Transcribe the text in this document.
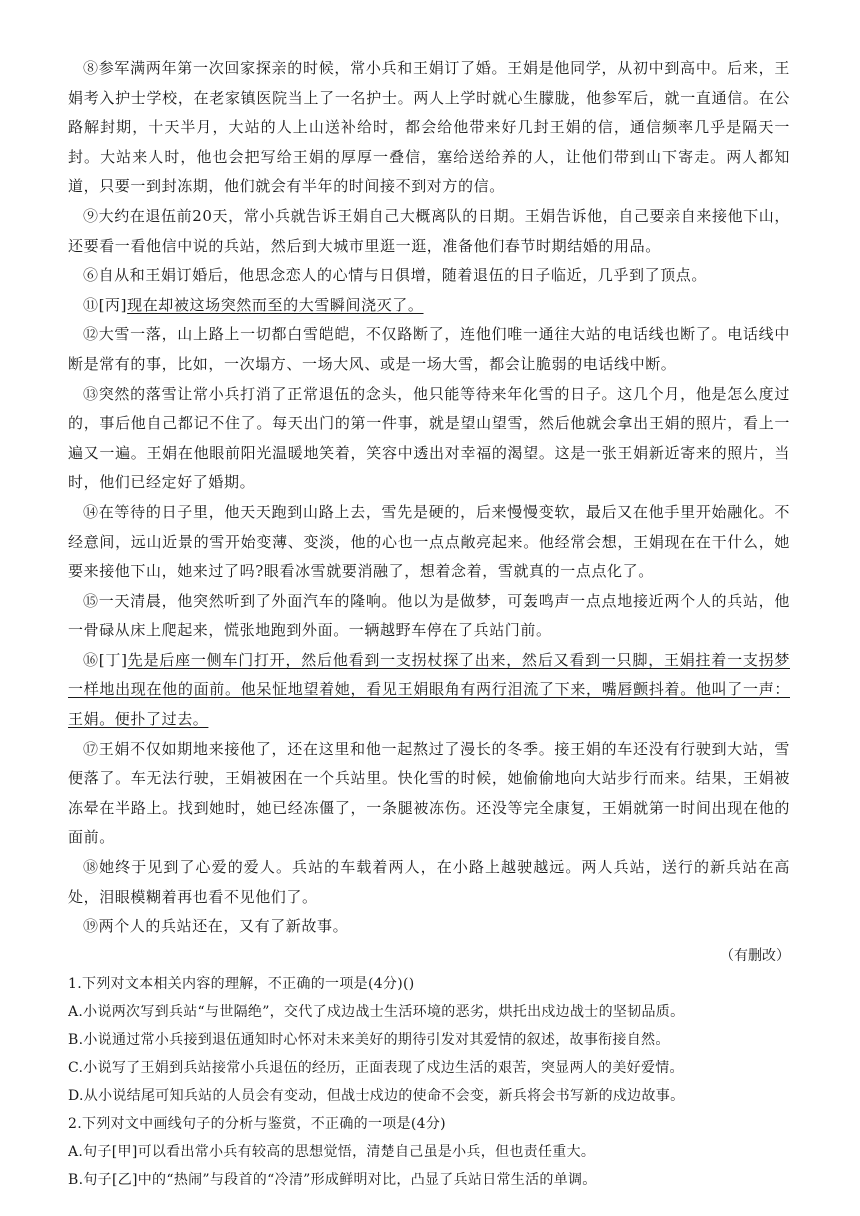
⑧参军满两年第一次回家探亲的时候，常小兵和王娟订了婚。王娟是他同学，从初中到高中。后来，王娟考入护士学校，在老家镇医院当上了一名护士。两人上学时就心生朦胧，他参军后，就一直通信。在公路解封期，十天半月，大站的人上山送补给时，都会给他带来好几封王娟的信，通信频率几乎是隔天一封。大站来人时，他也会把写给王娟的厚厚一叠信，塞给送给养的人，让他们带到山下寄走。两人都知道，只要一到封冻期，他们就会有半年的时间接不到对方的信。

⑨大约在退伍前20天，常小兵就告诉王娟自己大概离队的日期。王娟告诉他，自己要亲自来接他下山，还要看一看他信中说的兵站，然后到大城市里逛一逛，准备他们春节时期结婚的用品。

⑥自从和王娟订婚后，他思念恋人的心情与日俱增，随着退伍的日子临近，几乎到了顶点。

⑪[丙]现在却被这场突然而至的大雪瞬间浇灭了。

⑫大雪一落，山上路上一切都白雪皑皑，不仅路断了，连他们唯一通往大站的电话线也断了。电话线中断是常有的事，比如，一次塌方、一场大风、或是一场大雪，都会让脆弱的电话线中断。

⑬突然的落雪让常小兵打消了正常退伍的念头，他只能等待来年化雪的日子。这几个月，他是怎么度过的，事后他自己都记不住了。每天出门的第一件事，就是望山望雪，然后他就会拿出王娟的照片，看上一遍又一遍。王娟在他眼前阳光温暖地笑着，笑容中透出对幸福的渴望。这是一张王娟新近寄来的照片，当时，他们已经定好了婚期。

⑭在等待的日子里，他天天跑到山路上去，雪先是硬的，后来慢慢变软，最后又在他手里开始融化。不经意间，远山近景的雪开始变薄、变淡，他的心也一点点敞亮起来。他经常会想，王娟现在在干什么，她要来接他下山，她来过了吗?眼看冰雪就要消融了，想着念着，雪就真的一点点化了。

⑮一天清晨，他突然听到了外面汽车的隆响。他以为是做梦，可轰鸣声一点点地接近两个人的兵站，他一骨碌从床上爬起来，慌张地跑到外面。一辆越野车停在了兵站门前。

⑯[丁]先是后座一侧车门打开，然后他看到一支拐杖探了出来，然后又看到一只脚，王娟拄着一支拐梦一样地出现在他的面前。他呆怔地望着她，看见王娟眼角有两行泪流了下来，嘴唇颤抖着。他叫了一声：王娟。便扑了过去。

⑰王娟不仅如期地来接他了，还在这里和他一起熬过了漫长的冬季。接王娟的车还没有行驶到大站，雪便落了。车无法行驶，王娟被困在一个兵站里。快化雪的时候，她偷偷地向大站步行而来。结果，王娟被冻晕在半路上。找到她时，她已经冻僵了，一条腿被冻伤。还没等完全康复，王娟就第一时间出现在他的面前。

⑱她终于见到了心爱的爱人。兵站的车载着两人，在小路上越驶越远。两人兵站，送行的新兵站在高处，泪眼模糊着再也看不见他们了。

⑲两个人的兵站还在，又有了新故事。

（有删改）

1.下列对文本相关内容的理解，不正确的一项是(4分)()

A.小说两次写到兵站“与世隔绝”，交代了戍边战士生活环境的恶劣，烘托出戍边战士的坚韧品质。

B.小说通过常小兵接到退伍通知时心怀对未来美好的期待引发对其爱情的叙述，故事衔接自然。

C.小说写了王娟到兵站接常小兵退伍的经历，正面表现了戍边生活的艰苦，突显两人的美好爱情。

D.从小说结尾可知兵站的人员会有变动，但战士戍边的使命不会变，新兵将会书写新的戍边故事。

2.下列对文中画线句子的分析与鉴赏，不正确的一项是(4分)

A.句子[甲]可以看出常小兵有较高的思想觉悟，清楚自己虽是小兵，但也责任重大。

B.句子[乙]中的“热闹”与段首的“冷清”形成鲜明对比，凸显了兵站日常生活的单调。
